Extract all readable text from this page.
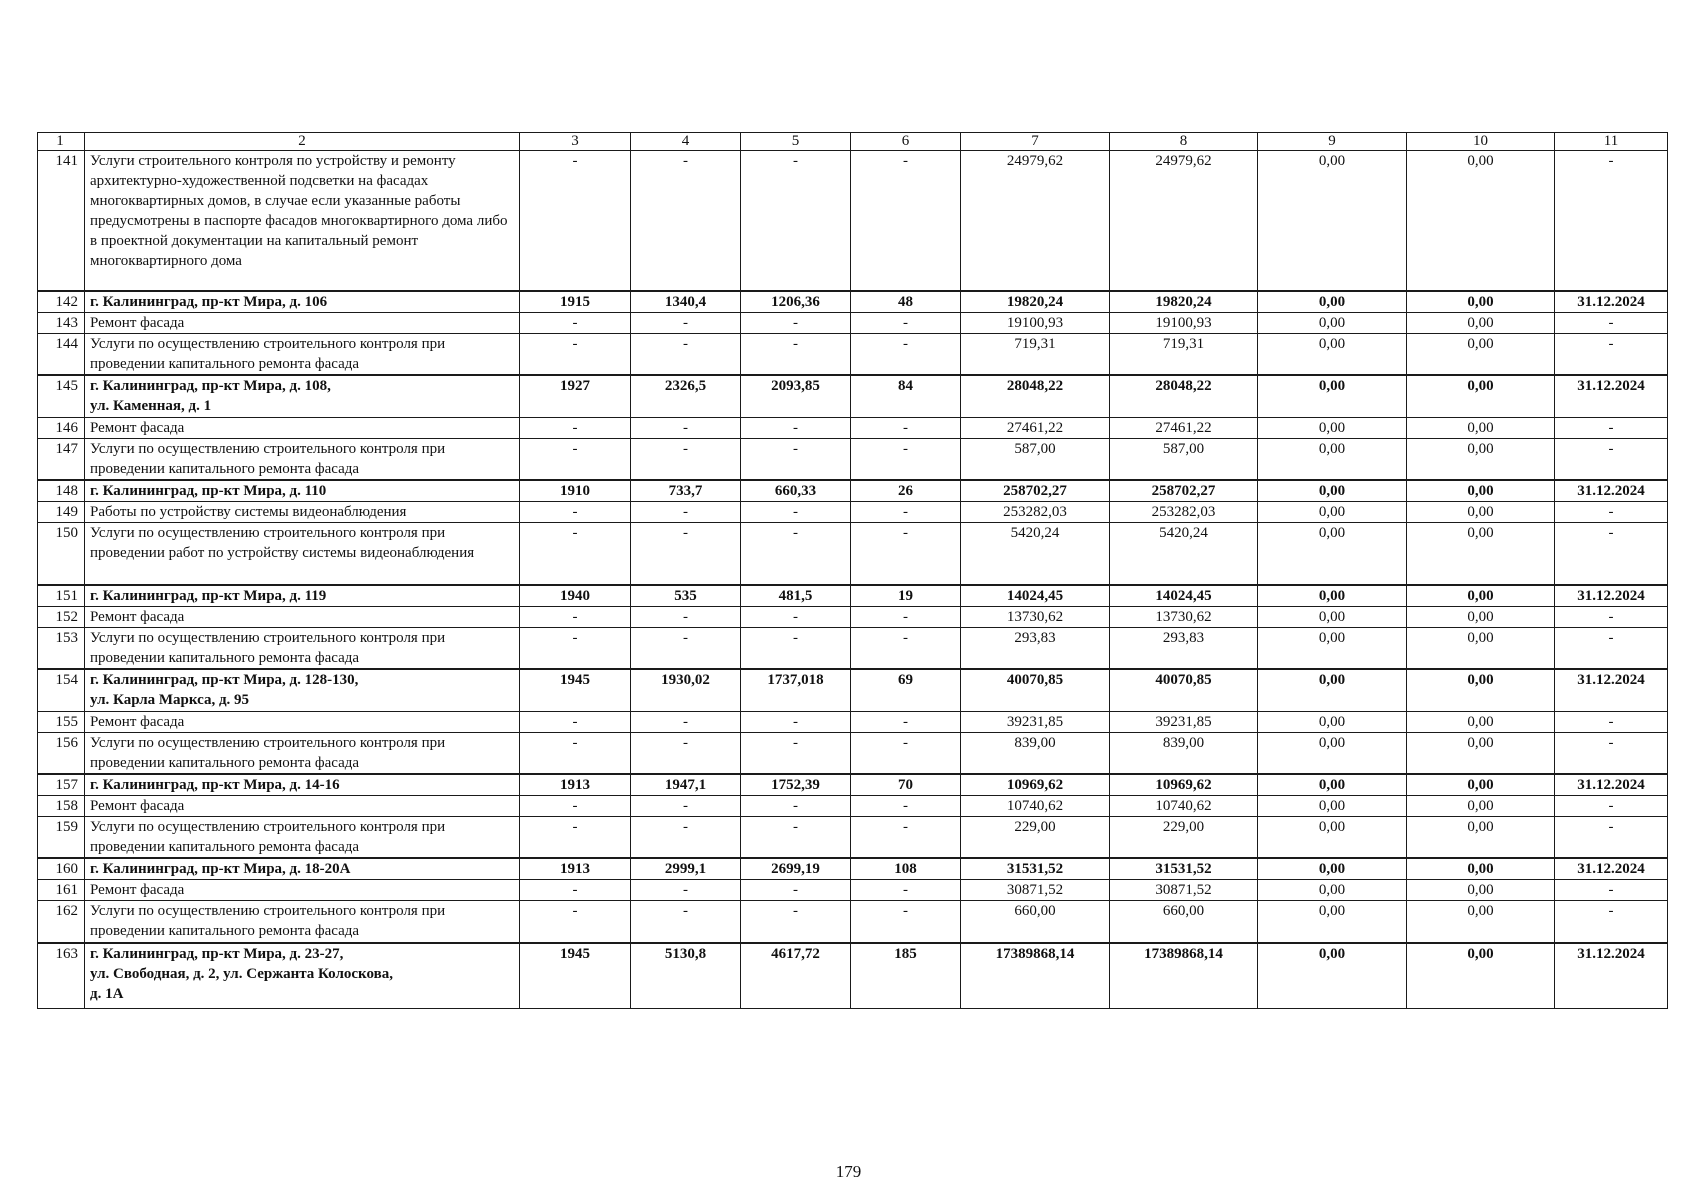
1	2	3	4	5	6	7	8	9	10	11
141	Услуги строительного контроля по устройству и ремонту архитектурно-художественной подсветки на фасадах многоквартирных домов, в случае если указанные работы предусмотрены в паспорте фасадов многоквартирного дома либо в проектной документации на капитальный ремонт многоквартирного дома	-	-	-	-	24979,62	24979,62	0,00	0,00	-
142	г. Калининград, пр-кт Мира, д. 106	1915	1340,4	1206,36	48	19820,24	19820,24	0,00	0,00	31.12.2024
143	Ремонт фасада	-	-	-	-	19100,93	19100,93	0,00	0,00	-
144	Услуги по осуществлению строительного контроля при проведении капитального ремонта фасада	-	-	-	-	719,31	719,31	0,00	0,00	-
145	г. Калининград, пр-кт Мира, д. 108,
ул. Каменная, д. 1	1927	2326,5	2093,85	84	28048,22	28048,22	0,00	0,00	31.12.2024
146	Ремонт фасада	-	-	-	-	27461,22	27461,22	0,00	0,00	-
147	Услуги по осуществлению строительного контроля при проведении капитального ремонта фасада	-	-	-	-	587,00	587,00	0,00	0,00	-
148	г. Калининград, пр-кт Мира, д. 110	1910	733,7	660,33	26	258702,27	258702,27	0,00	0,00	31.12.2024
149	Работы по устройству системы видеонаблюдения	-	-	-	-	253282,03	253282,03	0,00	0,00	-
150	Услуги по осуществлению строительного контроля при проведении работ по устройству системы видеонаблюдения	-	-	-	-	5420,24	5420,24	0,00	0,00	-
151	г. Калининград, пр-кт Мира, д. 119	1940	535	481,5	19	14024,45	14024,45	0,00	0,00	31.12.2024
152	Ремонт фасада	-	-	-	-	13730,62	13730,62	0,00	0,00	-
153	Услуги по осуществлению строительного контроля при проведении капитального ремонта фасада	-	-	-	-	293,83	293,83	0,00	0,00	-
154	г. Калининград, пр-кт Мира, д. 128-130,
ул. Карла Маркса, д. 95	1945	1930,02	1737,018	69	40070,85	40070,85	0,00	0,00	31.12.2024
155	Ремонт фасада	-	-	-	-	39231,85	39231,85	0,00	0,00	-
156	Услуги по осуществлению строительного контроля при проведении капитального ремонта фасада	-	-	-	-	839,00	839,00	0,00	0,00	-
157	г. Калининград, пр-кт Мира, д. 14-16	1913	1947,1	1752,39	70	10969,62	10969,62	0,00	0,00	31.12.2024
158	Ремонт фасада	-	-	-	-	10740,62	10740,62	0,00	0,00	-
159	Услуги по осуществлению строительного контроля при проведении капитального ремонта фасада	-	-	-	-	229,00	229,00	0,00	0,00	-
160	г. Калининград, пр-кт Мира, д. 18-20А	1913	2999,1	2699,19	108	31531,52	31531,52	0,00	0,00	31.12.2024
161	Ремонт фасада	-	-	-	-	30871,52	30871,52	0,00	0,00	-
162	Услуги по осуществлению строительного контроля при проведении капитального ремонта фасада	-	-	-	-	660,00	660,00	0,00	0,00	-
163	г. Калининград, пр-кт Мира, д. 23-27,
ул. Свободная, д. 2, ул. Сержанта Колоскова,
д. 1А	1945	5130,8	4617,72	185	17389868,14	17389868,14	0,00	0,00	31.12.2024
179
